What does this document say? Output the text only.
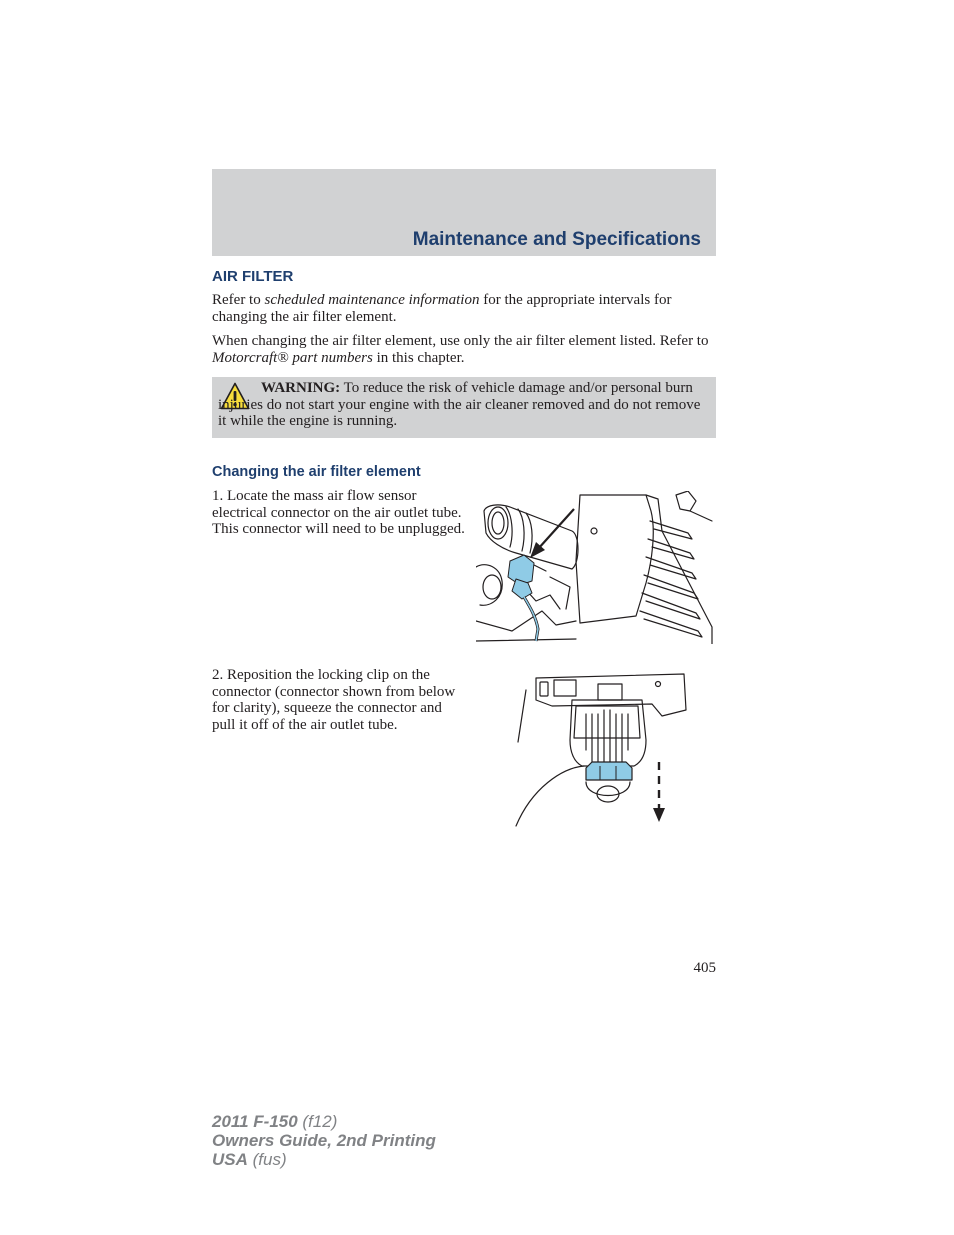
Maintenance and Specifications
AIR FILTER

Refer to scheduled maintenance information for the appropriate intervals for changing the air filter element.

When changing the air filter element, use only the air filter element listed. Refer to Motorcraft® part numbers in this chapter.

WARNING: To reduce the risk of vehicle damage and/or personal burn injuries do not start your engine with the air cleaner removed and do not remove it while the engine is running.

Changing the air filter element

1. Locate the mass air flow sensor electrical connector on the air outlet tube. This connector will need to be unplugged.

2. Reposition the locking clip on the connector (connector shown from below for clarity), squeeze the connector and pull it off of the air outlet tube.

405
2011 F-150 (f12)
Owners Guide, 2nd Printing
USA (fus)
